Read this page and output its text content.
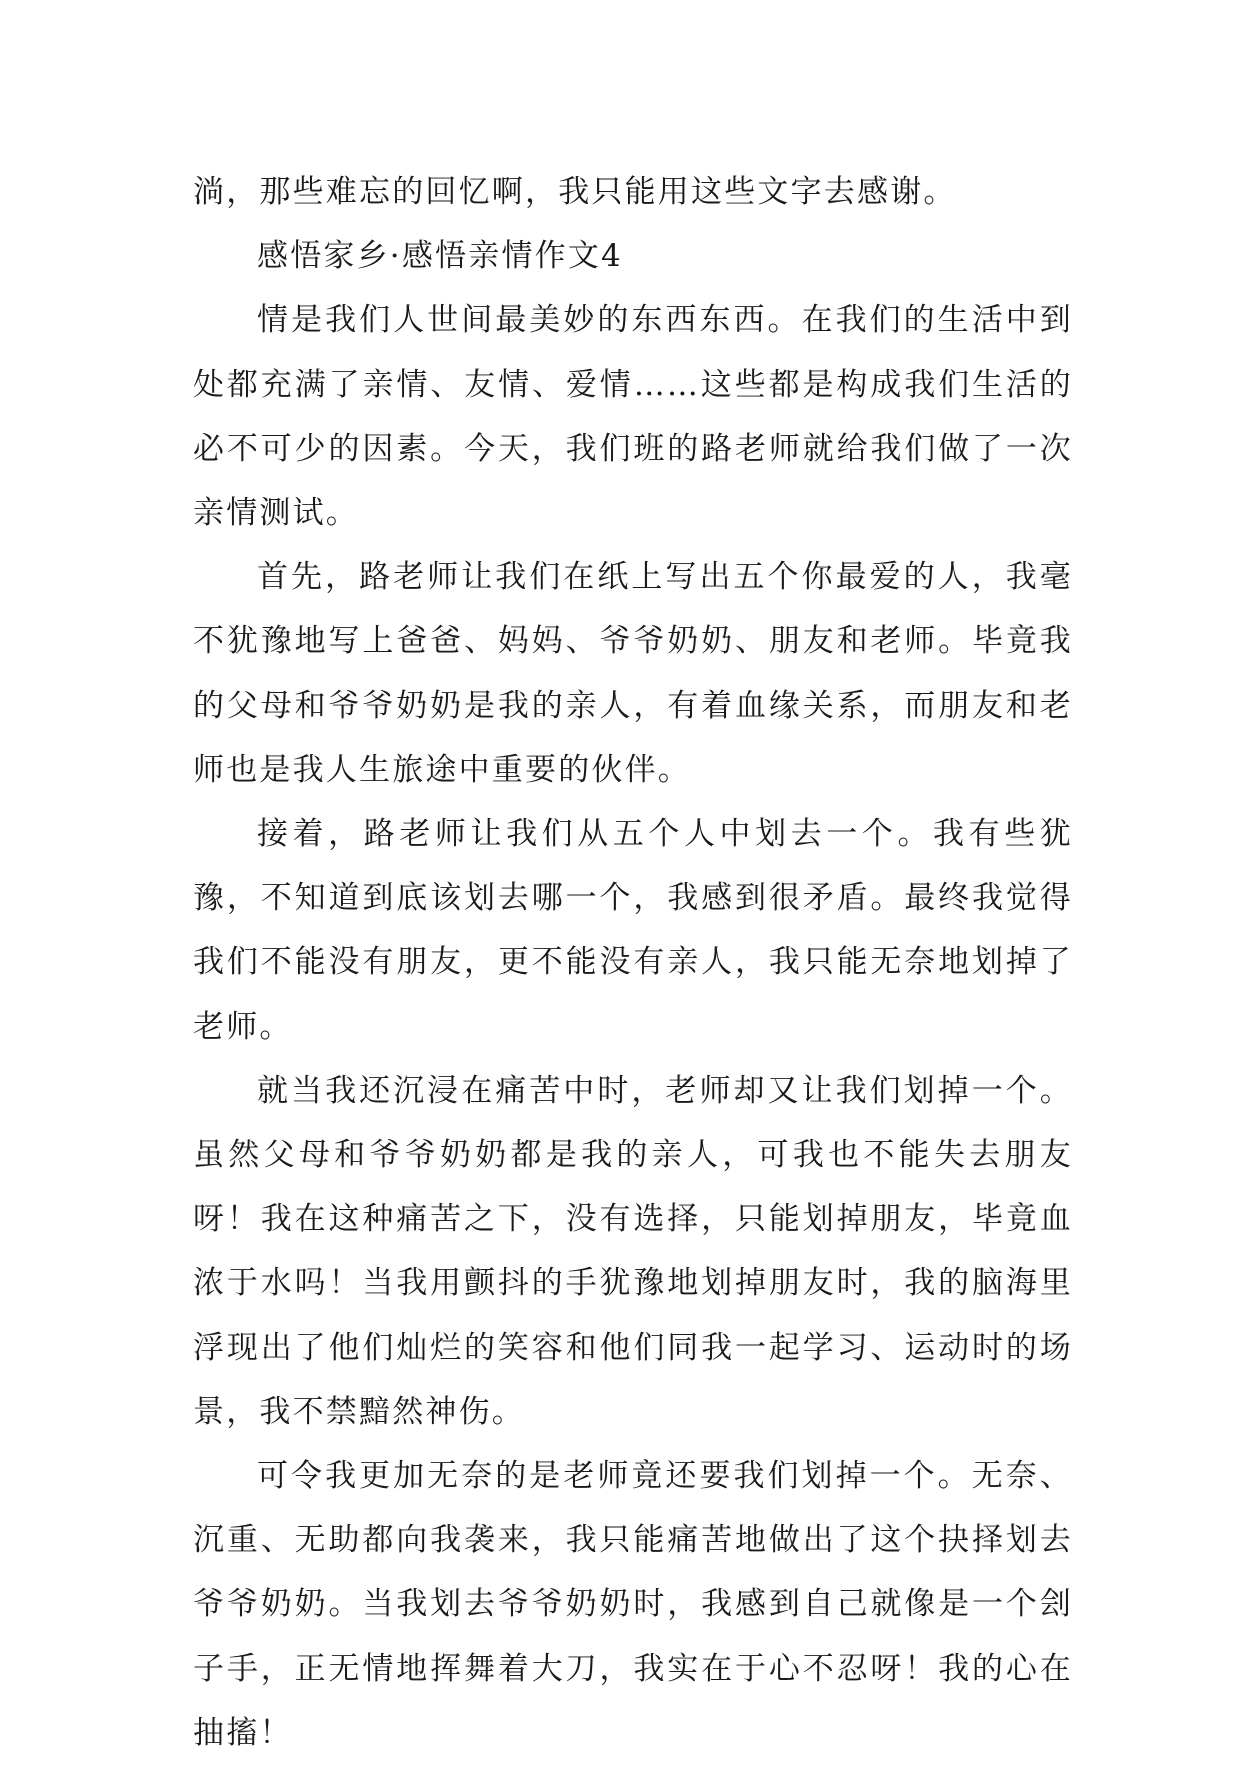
淌，那些难忘的回忆啊，我只能用这些文字去感谢。

感悟家乡·感悟亲情作文4

情是我们人世间最美妙的东西东西。在我们的生活中到处都充满了亲情、友情、爱情……这些都是构成我们生活的必不可少的因素。今天，我们班的路老师就给我们做了一次亲情测试。

首先，路老师让我们在纸上写出五个你最爱的人，我毫不犹豫地写上爸爸、妈妈、爷爷奶奶、朋友和老师。毕竟我的父母和爷爷奶奶是我的亲人，有着血缘关系，而朋友和老师也是我人生旅途中重要的伙伴。

接着，路老师让我们从五个人中划去一个。我有些犹豫，不知道到底该划去哪一个，我感到很矛盾。最终我觉得我们不能没有朋友，更不能没有亲人，我只能无奈地划掉了老师。

就当我还沉浸在痛苦中时，老师却又让我们划掉一个。虽然父母和爷爷奶奶都是我的亲人，可我也不能失去朋友呀！我在这种痛苦之下，没有选择，只能划掉朋友，毕竟血浓于水吗！当我用颤抖的手犹豫地划掉朋友时，我的脑海里浮现出了他们灿烂的笑容和他们同我一起学习、运动时的场景，我不禁黯然神伤。

可令我更加无奈的是老师竟还要我们划掉一个。无奈、沉重、无助都向我袭来，我只能痛苦地做出了这个抉择划去爷爷奶奶。当我划去爷爷奶奶时，我感到自己就像是一个刽子手，正无情地挥舞着大刀，我实在于心不忍呀！我的心在抽搐！
